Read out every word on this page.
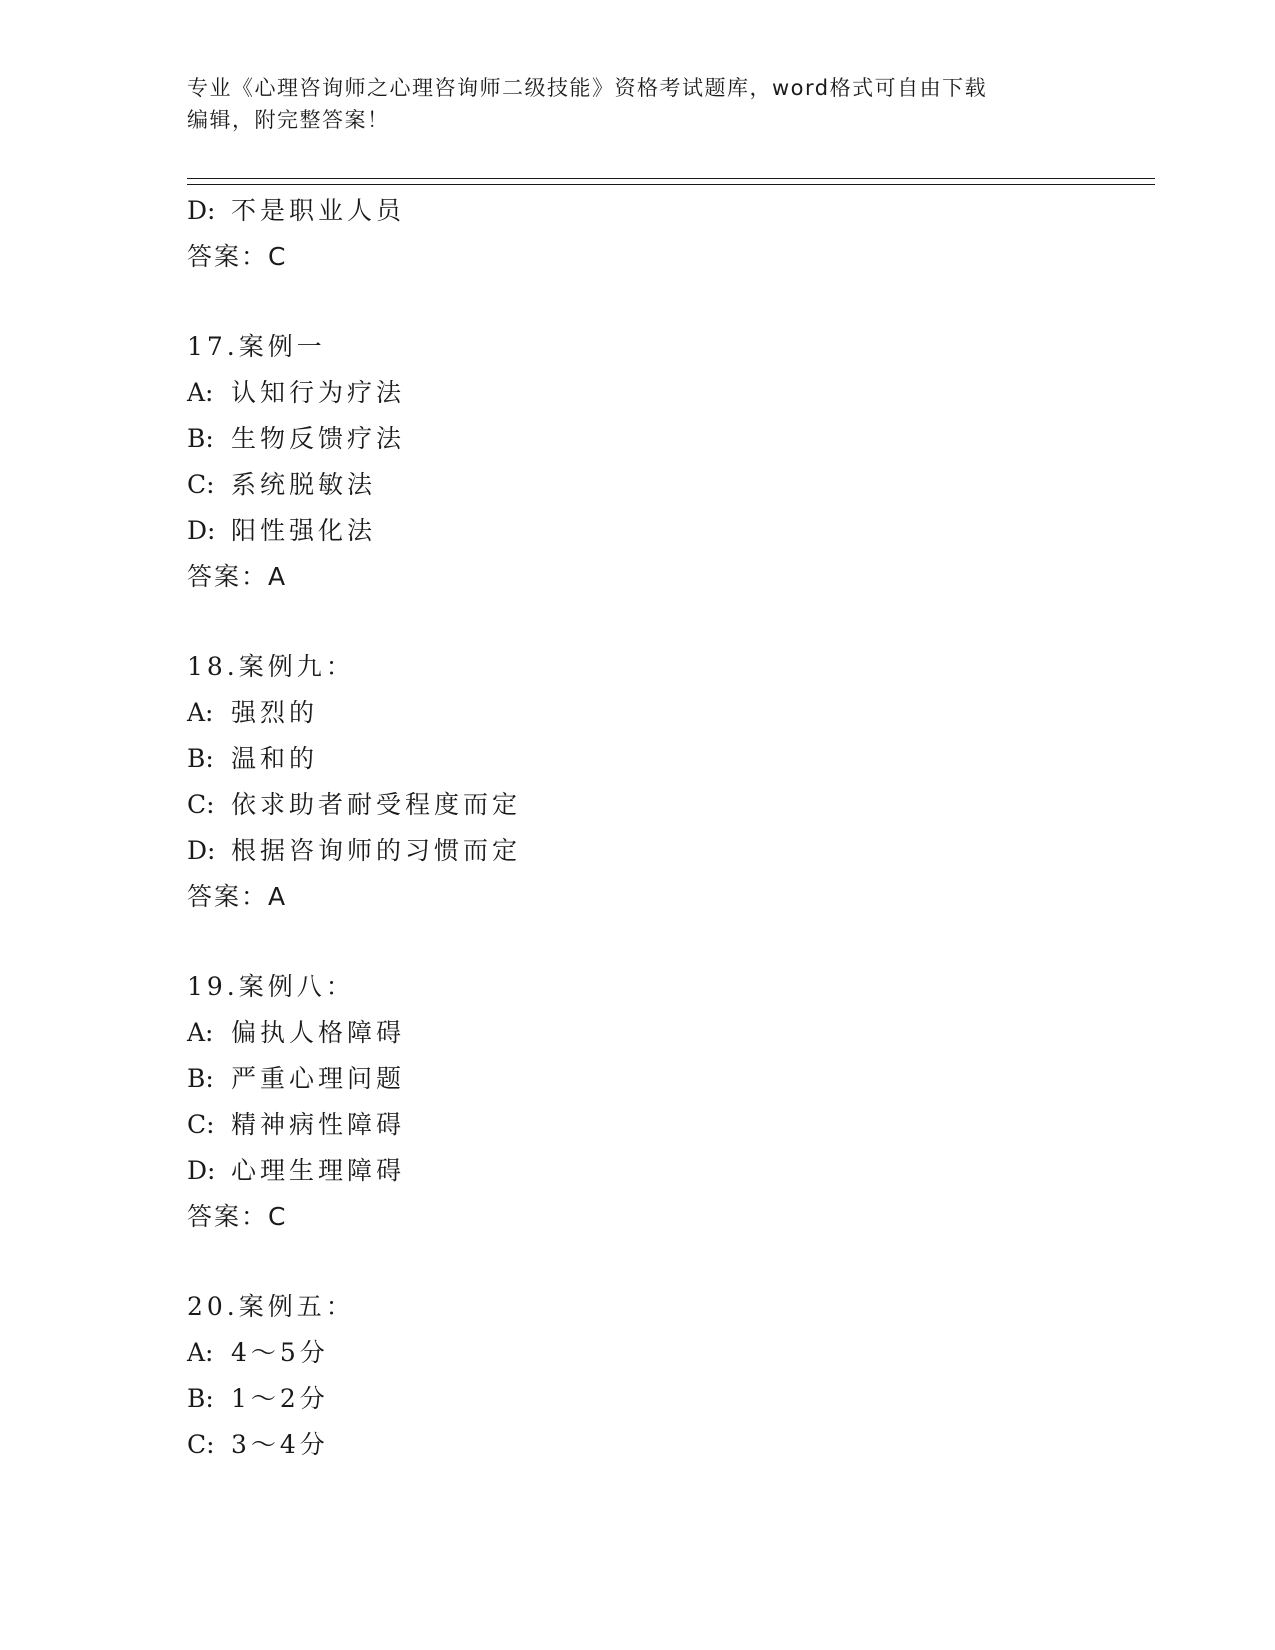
专业《心理咨询师之心理咨询师二级技能》资格考试题库，word格式可自由下载
编辑，附完整答案！
D: 不是职业人员
答案：C
17.案例一
A: 认知行为疗法
B: 生物反馈疗法
C: 系统脱敏法
D: 阳性强化法
答案：A
18.案例九：
A: 强烈的
B: 温和的
C: 依求助者耐受程度而定
D: 根据咨询师的习惯而定
答案：A
19.案例八：
A: 偏执人格障碍
B: 严重心理问题
C: 精神病性障碍
D: 心理生理障碍
答案：C
20.案例五：
A: 4～5分
B: 1～2分
C: 3～4分
